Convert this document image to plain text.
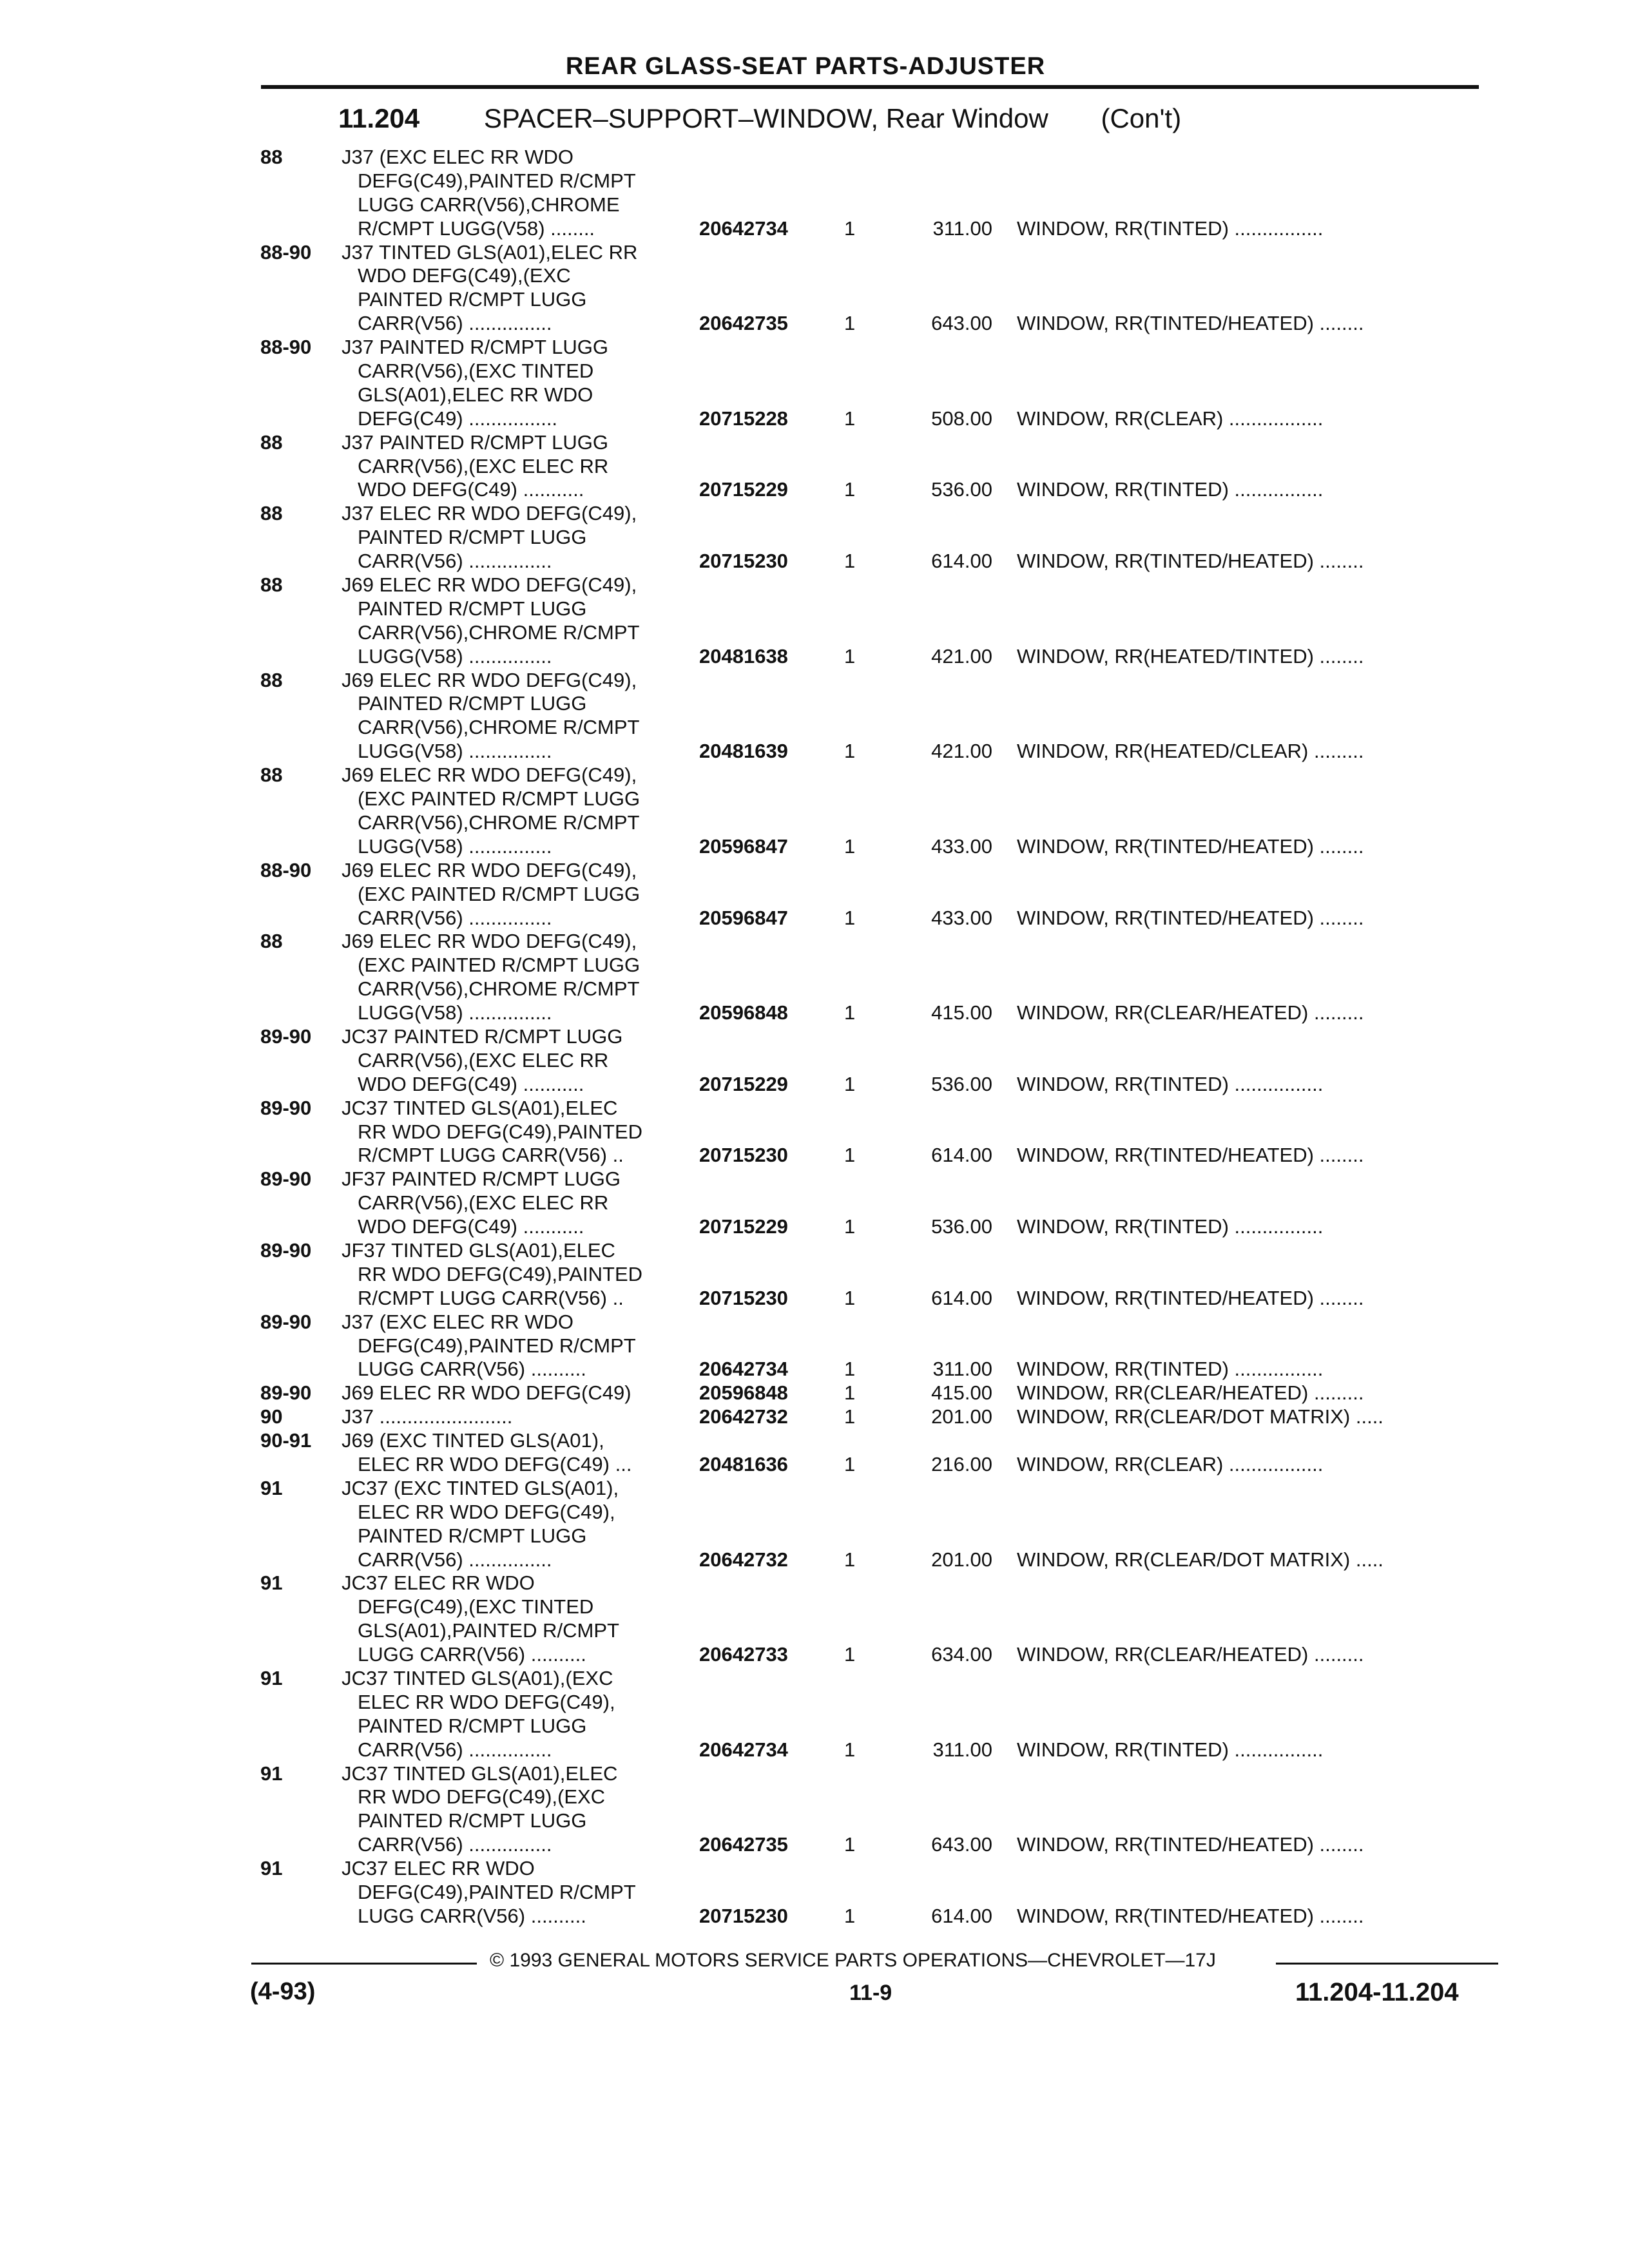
REAR GLASS-SEAT PARTS-ADJUSTER
11.204 SPACER–SUPPORT–WINDOW, Rear Window (Con't)
88	J37 (EXC ELEC RR WDO
DEFG(C49),PAINTED R/CMPT
LUGG CARR(V56),CHROME
R/CMPT LUGG(V58) ........	20642734	1	311.00 WINDOW, RR(TINTED) ................
88-90	J37 TINTED GLS(A01),ELEC RR
WDO DEFG(C49),(EXC
PAINTED R/CMPT LUGG
CARR(V56) ...............	20642735	1	643.00 WINDOW, RR(TINTED/HEATED) ........
88-90	J37 PAINTED R/CMPT LUGG
CARR(V56),(EXC TINTED
GLS(A01),ELEC RR WDO
DEFG(C49) ................	20715228	1	508.00 WINDOW, RR(CLEAR) .................
88	J37 PAINTED R/CMPT LUGG
CARR(V56),(EXC ELEC RR
WDO DEFG(C49) ...........	20715229	1	536.00 WINDOW, RR(TINTED) ................
88	J37 ELEC RR WDO DEFG(C49),
PAINTED R/CMPT LUGG
CARR(V56) ...............	20715230	1	614.00 WINDOW, RR(TINTED/HEATED) ........
88	J69 ELEC RR WDO DEFG(C49),
PAINTED R/CMPT LUGG
CARR(V56),CHROME R/CMPT
LUGG(V58) ...............	20481638	1	421.00 WINDOW, RR(HEATED/TINTED) ........
88	J69 ELEC RR WDO DEFG(C49),
PAINTED R/CMPT LUGG
CARR(V56),CHROME R/CMPT
LUGG(V58) ...............	20481639	1	421.00 WINDOW, RR(HEATED/CLEAR) .........
88	J69 ELEC RR WDO DEFG(C49),
(EXC PAINTED R/CMPT LUGG
CARR(V56),CHROME R/CMPT
LUGG(V58) ...............	20596847	1	433.00 WINDOW, RR(TINTED/HEATED) ........
88-90	J69 ELEC RR WDO DEFG(C49),
(EXC PAINTED R/CMPT LUGG
CARR(V56) ...............	20596847	1	433.00 WINDOW, RR(TINTED/HEATED) ........
88	J69 ELEC RR WDO DEFG(C49),
(EXC PAINTED R/CMPT LUGG
CARR(V56),CHROME R/CMPT
LUGG(V58) ...............	20596848	1	415.00 WINDOW, RR(CLEAR/HEATED) .........
89-90	JC37 PAINTED R/CMPT LUGG
CARR(V56),(EXC ELEC RR
WDO DEFG(C49) ...........	20715229	1	536.00 WINDOW, RR(TINTED) ................
89-90	JC37 TINTED GLS(A01),ELEC
RR WDO DEFG(C49),PAINTED
R/CMPT LUGG CARR(V56) ..	20715230	1	614.00 WINDOW, RR(TINTED/HEATED) ........
89-90	JF37 PAINTED R/CMPT LUGG
CARR(V56),(EXC ELEC RR
WDO DEFG(C49) ...........	20715229	1	536.00 WINDOW, RR(TINTED) ................
89-90	JF37 TINTED GLS(A01),ELEC
RR WDO DEFG(C49),PAINTED
R/CMPT LUGG CARR(V56) ..	20715230	1	614.00 WINDOW, RR(TINTED/HEATED) ........
89-90	J37 (EXC ELEC RR WDO
DEFG(C49),PAINTED R/CMPT
LUGG CARR(V56) ..........	20642734	1	311.00 WINDOW, RR(TINTED) ................
89-90	J69 ELEC RR WDO DEFG(C49)	20596848	1	415.00 WINDOW, RR(CLEAR/HEATED) .........
90	J37 ........................	20642732	1	201.00 WINDOW, RR(CLEAR/DOT MATRIX) .....
90-91	J69 (EXC TINTED GLS(A01),
ELEC RR WDO DEFG(C49) ...	20481636	1	216.00 WINDOW, RR(CLEAR) .................
91	JC37 (EXC TINTED GLS(A01),
ELEC RR WDO DEFG(C49),
PAINTED R/CMPT LUGG
CARR(V56) ...............	20642732	1	201.00 WINDOW, RR(CLEAR/DOT MATRIX) .....
91	JC37 ELEC RR WDO
DEFG(C49),(EXC TINTED
GLS(A01),PAINTED R/CMPT
LUGG CARR(V56) ..........	20642733	1	634.00 WINDOW, RR(CLEAR/HEATED) .........
91	JC37 TINTED GLS(A01),(EXC
ELEC RR WDO DEFG(C49),
PAINTED R/CMPT LUGG
CARR(V56) ...............	20642734	1	311.00 WINDOW, RR(TINTED) ................
91	JC37 TINTED GLS(A01),ELEC
RR WDO DEFG(C49),(EXC
PAINTED R/CMPT LUGG
CARR(V56) ...............	20642735	1	643.00 WINDOW, RR(TINTED/HEATED) ........
91	JC37 ELEC RR WDO
DEFG(C49),PAINTED R/CMPT
LUGG CARR(V56) ..........	20715230	1	614.00 WINDOW, RR(TINTED/HEATED) ........
© 1993 GENERAL MOTORS SERVICE PARTS OPERATIONS—CHEVROLET—17J
(4-93)	11-9	11.204-11.204
